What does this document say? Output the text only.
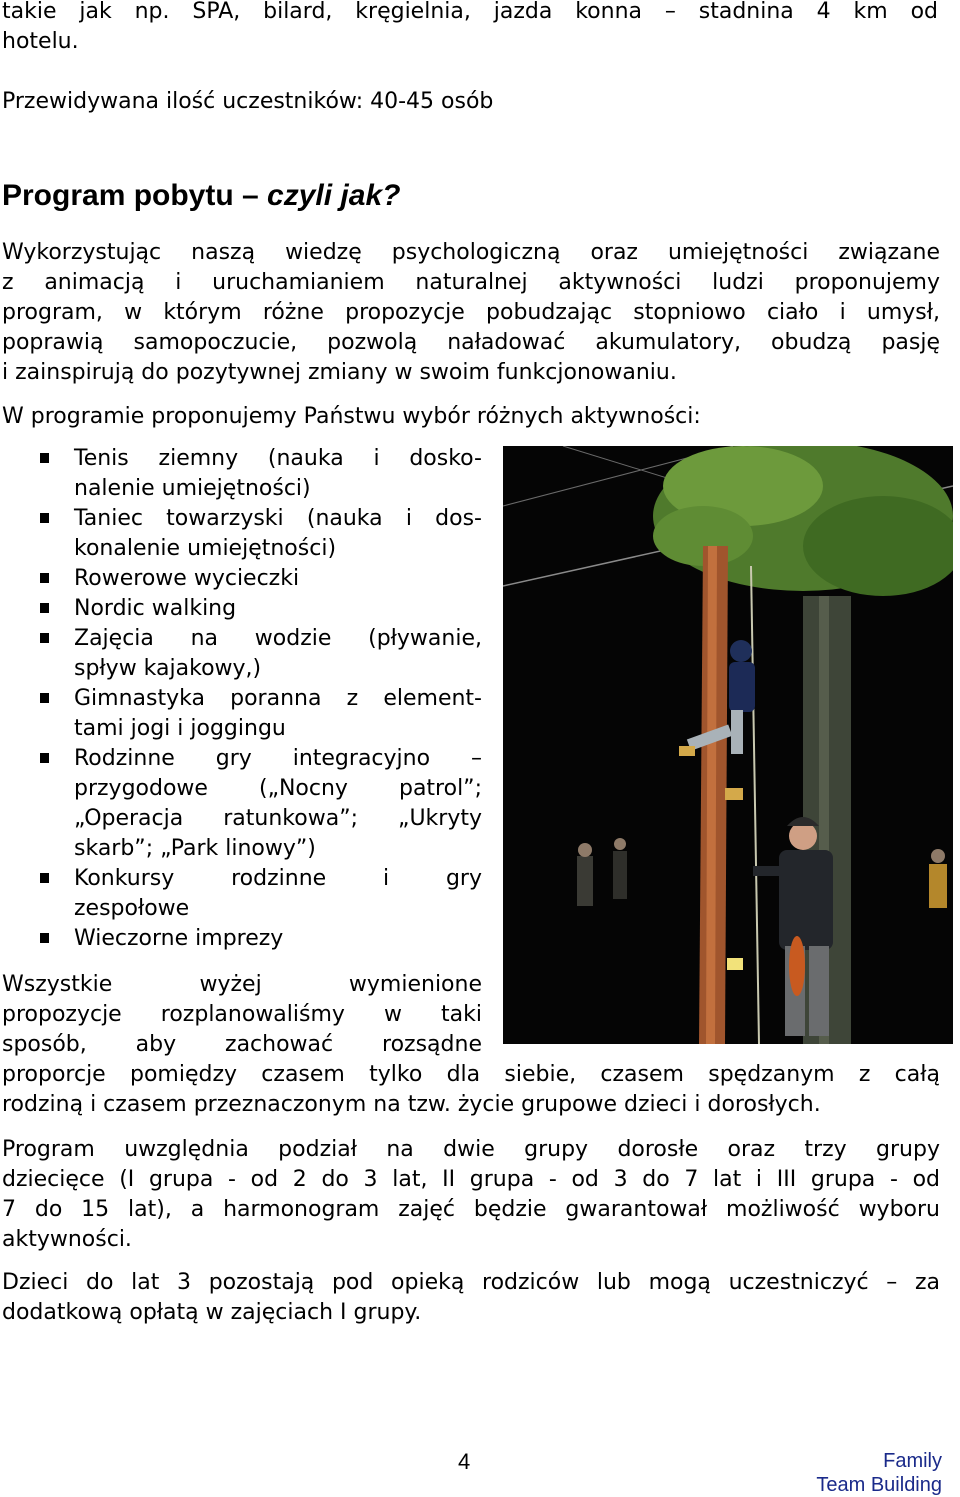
takie jak np. SPA, bilard, kręgielnia, jazda konna – stadnina 4 km od
hotelu.
Przewidywana ilość uczestników: 40-45 osób
Program pobytu – czyli jak?
Wykorzystując naszą wiedzę psychologiczną oraz umiejętności związane
z animacją i uruchamianiem naturalnej aktywności ludzi proponujemy
program, w którym różne propozycje pobudzając stopniowo ciało i umysł,
poprawią samopoczucie, pozwolą naładować akumulatory, obudzą pasję
i zainspirują do pozytywnej zmiany w swoim funkcjonowaniu.
W programie proponujemy Państwu wybór różnych aktywności:
Tenis ziemny (nauka i dosko-
nalenie umiejętności)
Taniec towarzyski (nauka i dos-
konalenie umiejętności)
Rowerowe wycieczki
Nordic walking
Zajęcia na wodzie (pływanie,
spływ kajakowy,)
Gimnastyka poranna z element-
tami jogi i joggingu
Rodzinne gry integracyjno –
przygodowe („Nocny patrol”;
„Operacja ratunkowa”; „Ukryty
skarb”; „Park linowy”)
Konkursy rodzinne i gry
zespołowe
Wieczorne imprezy
Wszystkie wyżej wymienione
propozycje rozplanowaliśmy w taki
sposób, aby zachować rozsądne
proporcje pomiędzy czasem tylko dla siebie, czasem spędzanym z całą
rodziną i czasem przeznaczonym na tzw. życie grupowe dzieci i dorosłych.
Program uwzględnia podział na dwie grupy dorosłe oraz trzy grupy
dziecięce (I grupa - od 2 do 3 lat, II grupa - od 3 do 7 lat i III grupa - od
7 do 15 lat), a harmonogram zajęć będzie gwarantował możliwość wyboru
aktywności.
Dzieci do lat 3 pozostają pod opieką rodziców lub mogą uczestniczyć – za
dodatkową opłatą w zajęciach I grupy.
4	Family
Team Building
